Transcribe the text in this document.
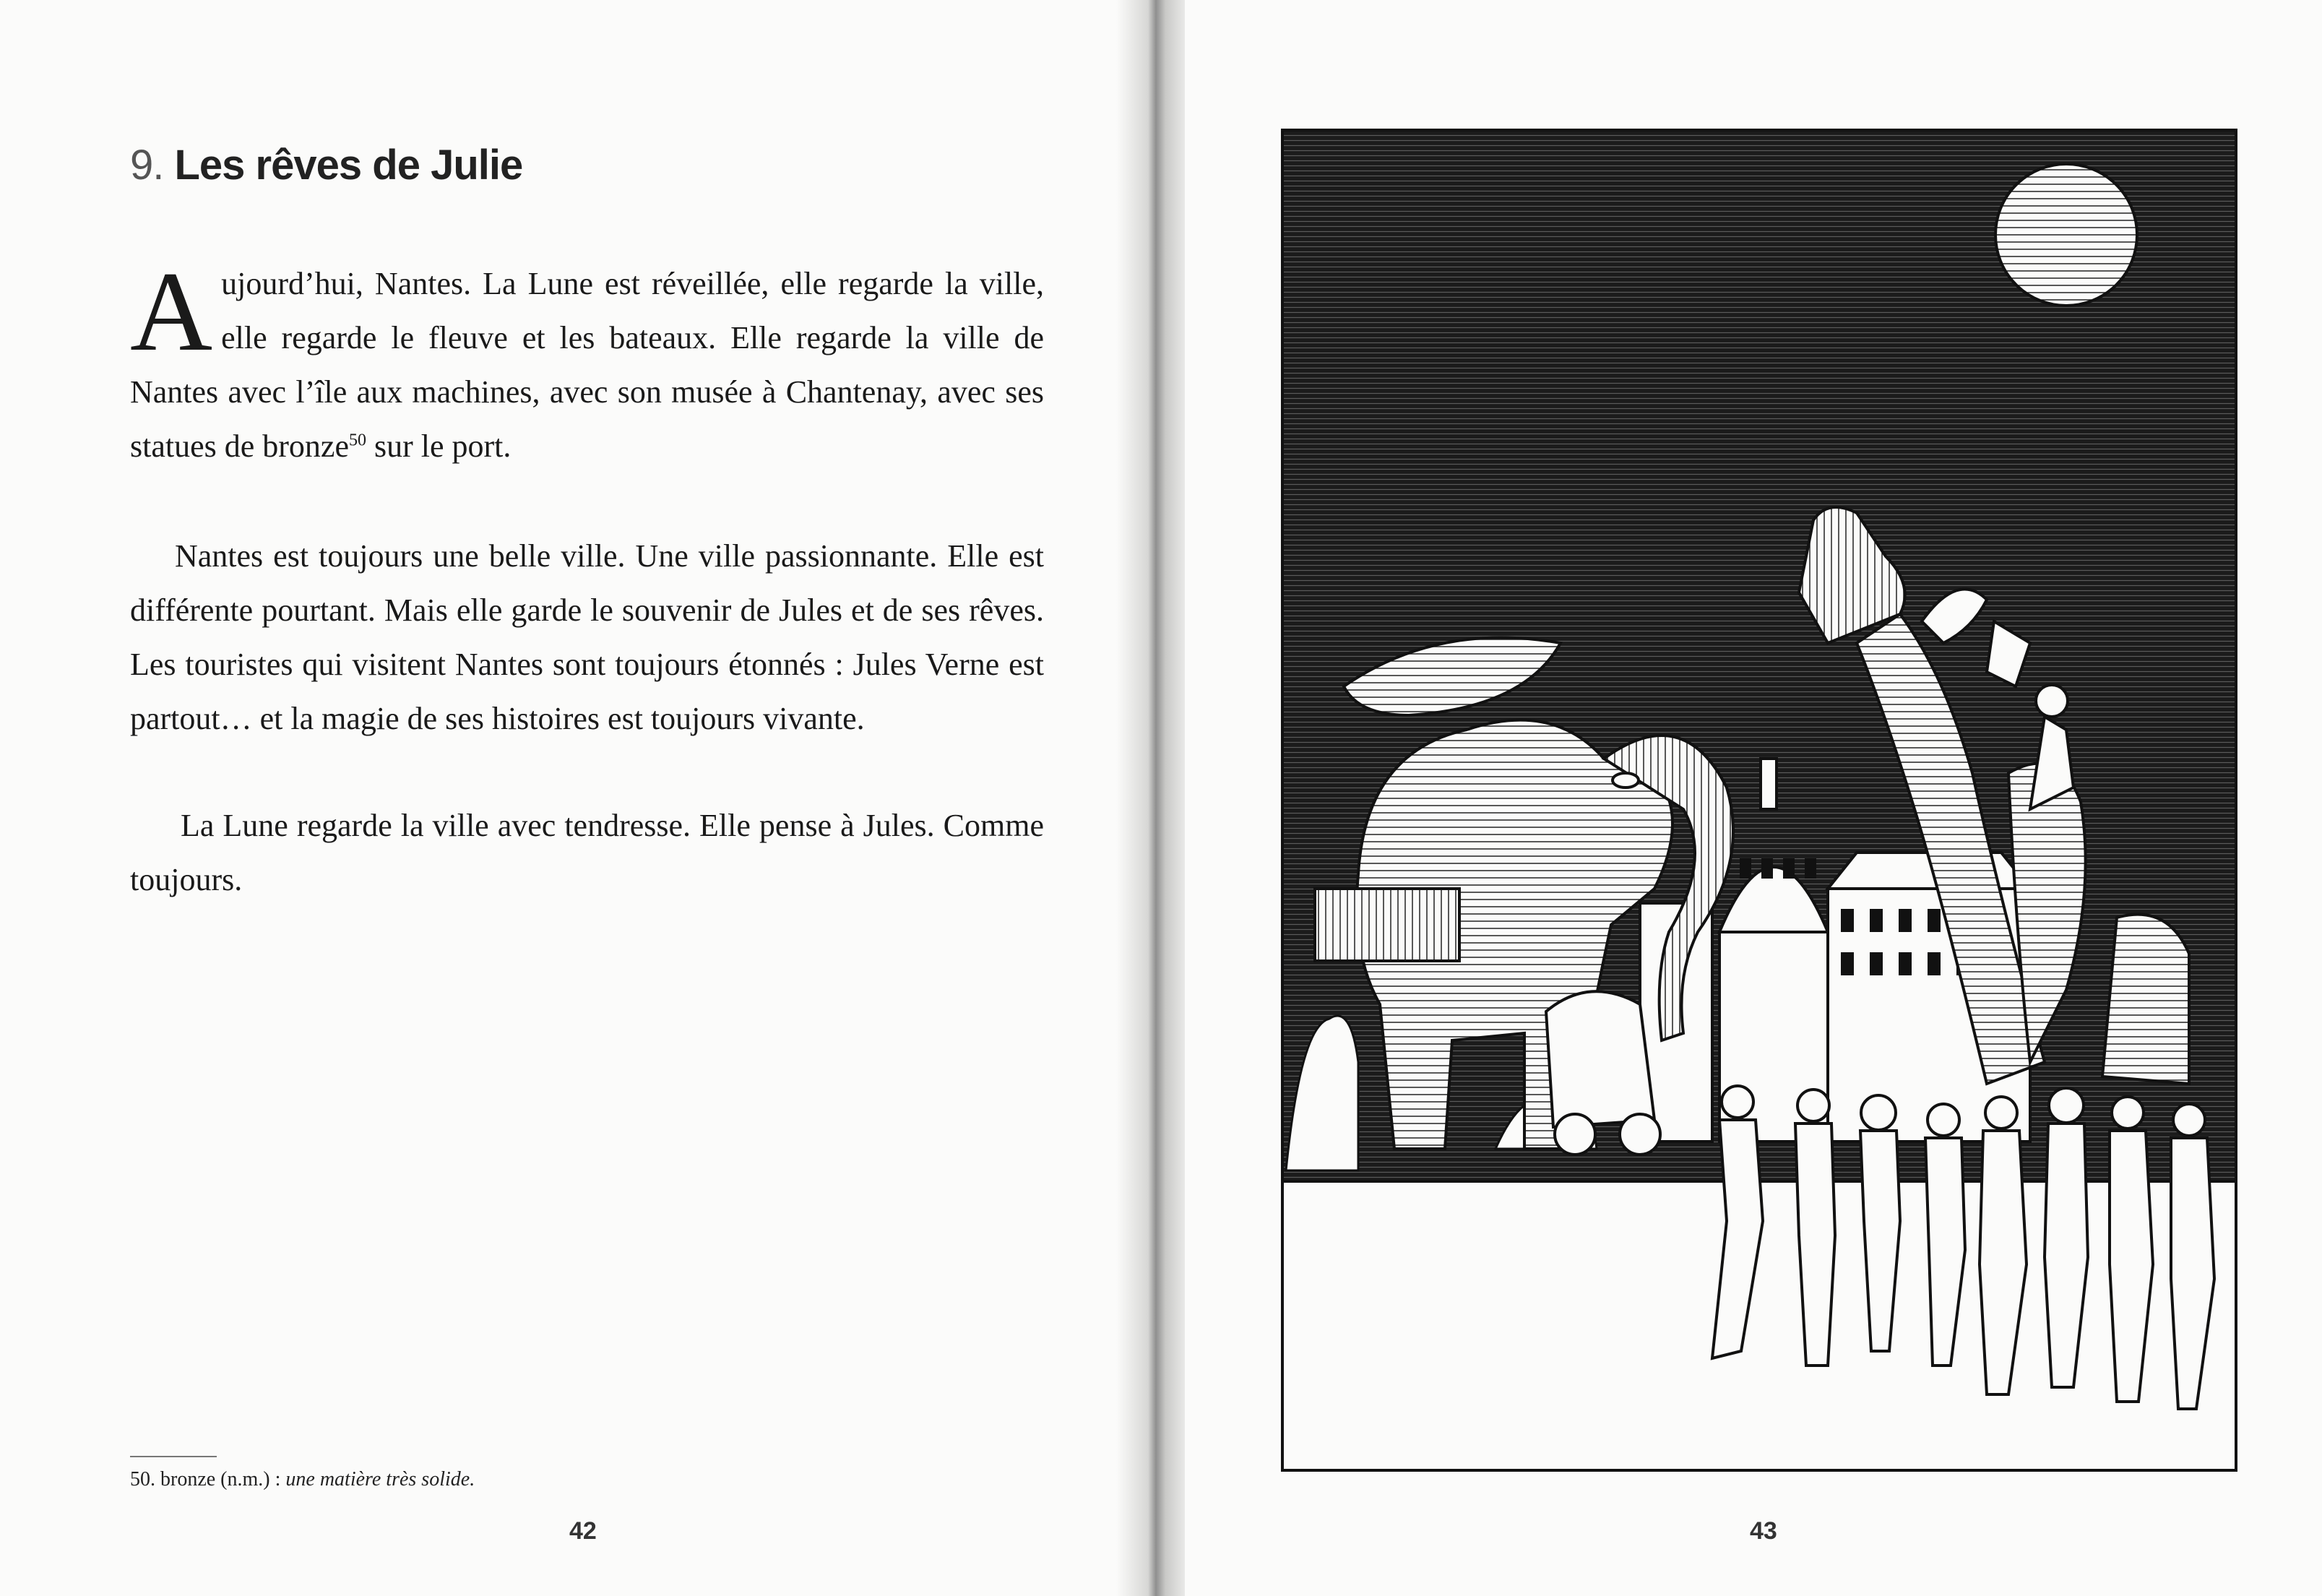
9. Les rêves de Julie

Aujourd’hui, Nantes. La Lune est réveillée, elle regarde la ville, elle regarde le fleuve et les bateaux. Elle regarde la ville de Nantes avec l’île aux machines, avec son musée à Chantenay, avec ses statues de bronze$^{50}$ sur le port.

Nantes est toujours une belle ville. Une ville passionnante. Elle est différente pourtant. Mais elle garde le souvenir de Jules et de ses rêves. Les touristes qui visitent Nantes sont toujours étonnés : Jules Verne est partout… et la magie de ses histoires est toujours vivante.

La Lune regarde la ville avec tendresse. Elle pense à Jules. Comme toujours.

50. bronze (n.m.) : une matière très solide.
42	43
